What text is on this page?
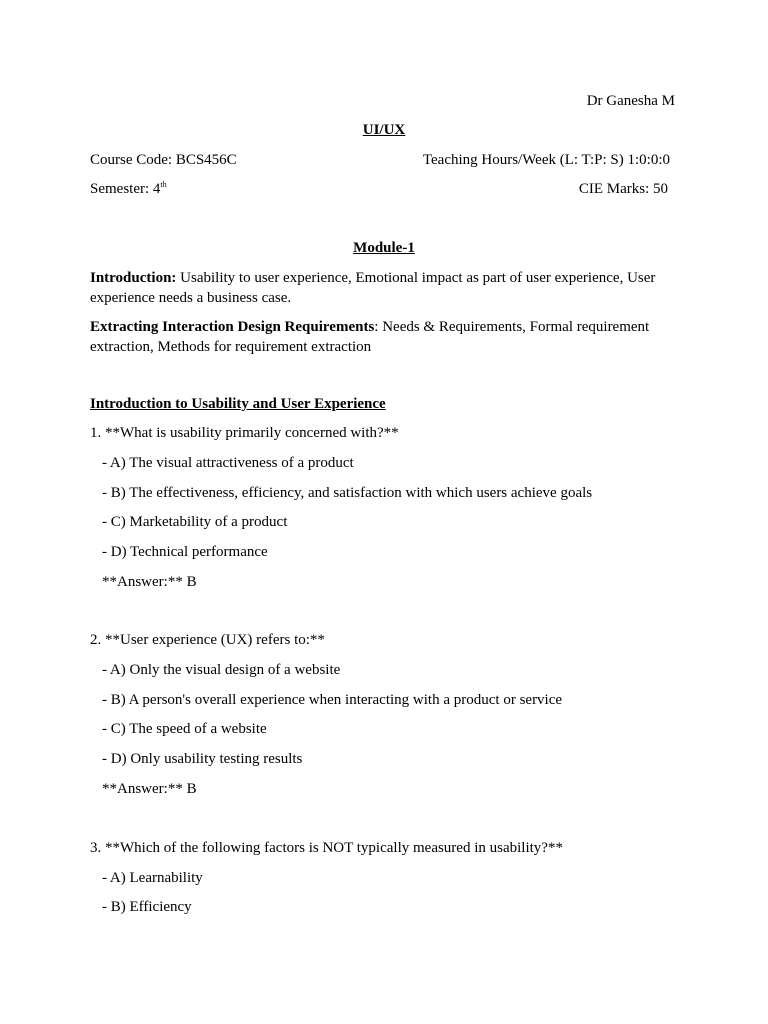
Dr Ganesha M
UI/UX
Course Code: BCS456C	Teaching Hours/Week (L: T:P: S) 1:0:0:0
Semester: 4th	CIE Marks: 50
Module-1
Introduction: Usability to user experience, Emotional impact as part of user experience, User experience needs a business case.
Extracting Interaction Design Requirements: Needs & Requirements, Formal requirement extraction, Methods for requirement extraction
Introduction to Usability and User Experience
1. **What is usability primarily concerned with?**
- A) The visual attractiveness of a product
- B) The effectiveness, efficiency, and satisfaction with which users achieve goals
- C) Marketability of a product
- D) Technical performance
**Answer:** B
2. **User experience (UX) refers to:**
- A) Only the visual design of a website
- B) A person's overall experience when interacting with a product or service
- C) The speed of a website
- D) Only usability testing results
**Answer:** B
3. **Which of the following factors is NOT typically measured in usability?**
- A) Learnability
- B) Efficiency
